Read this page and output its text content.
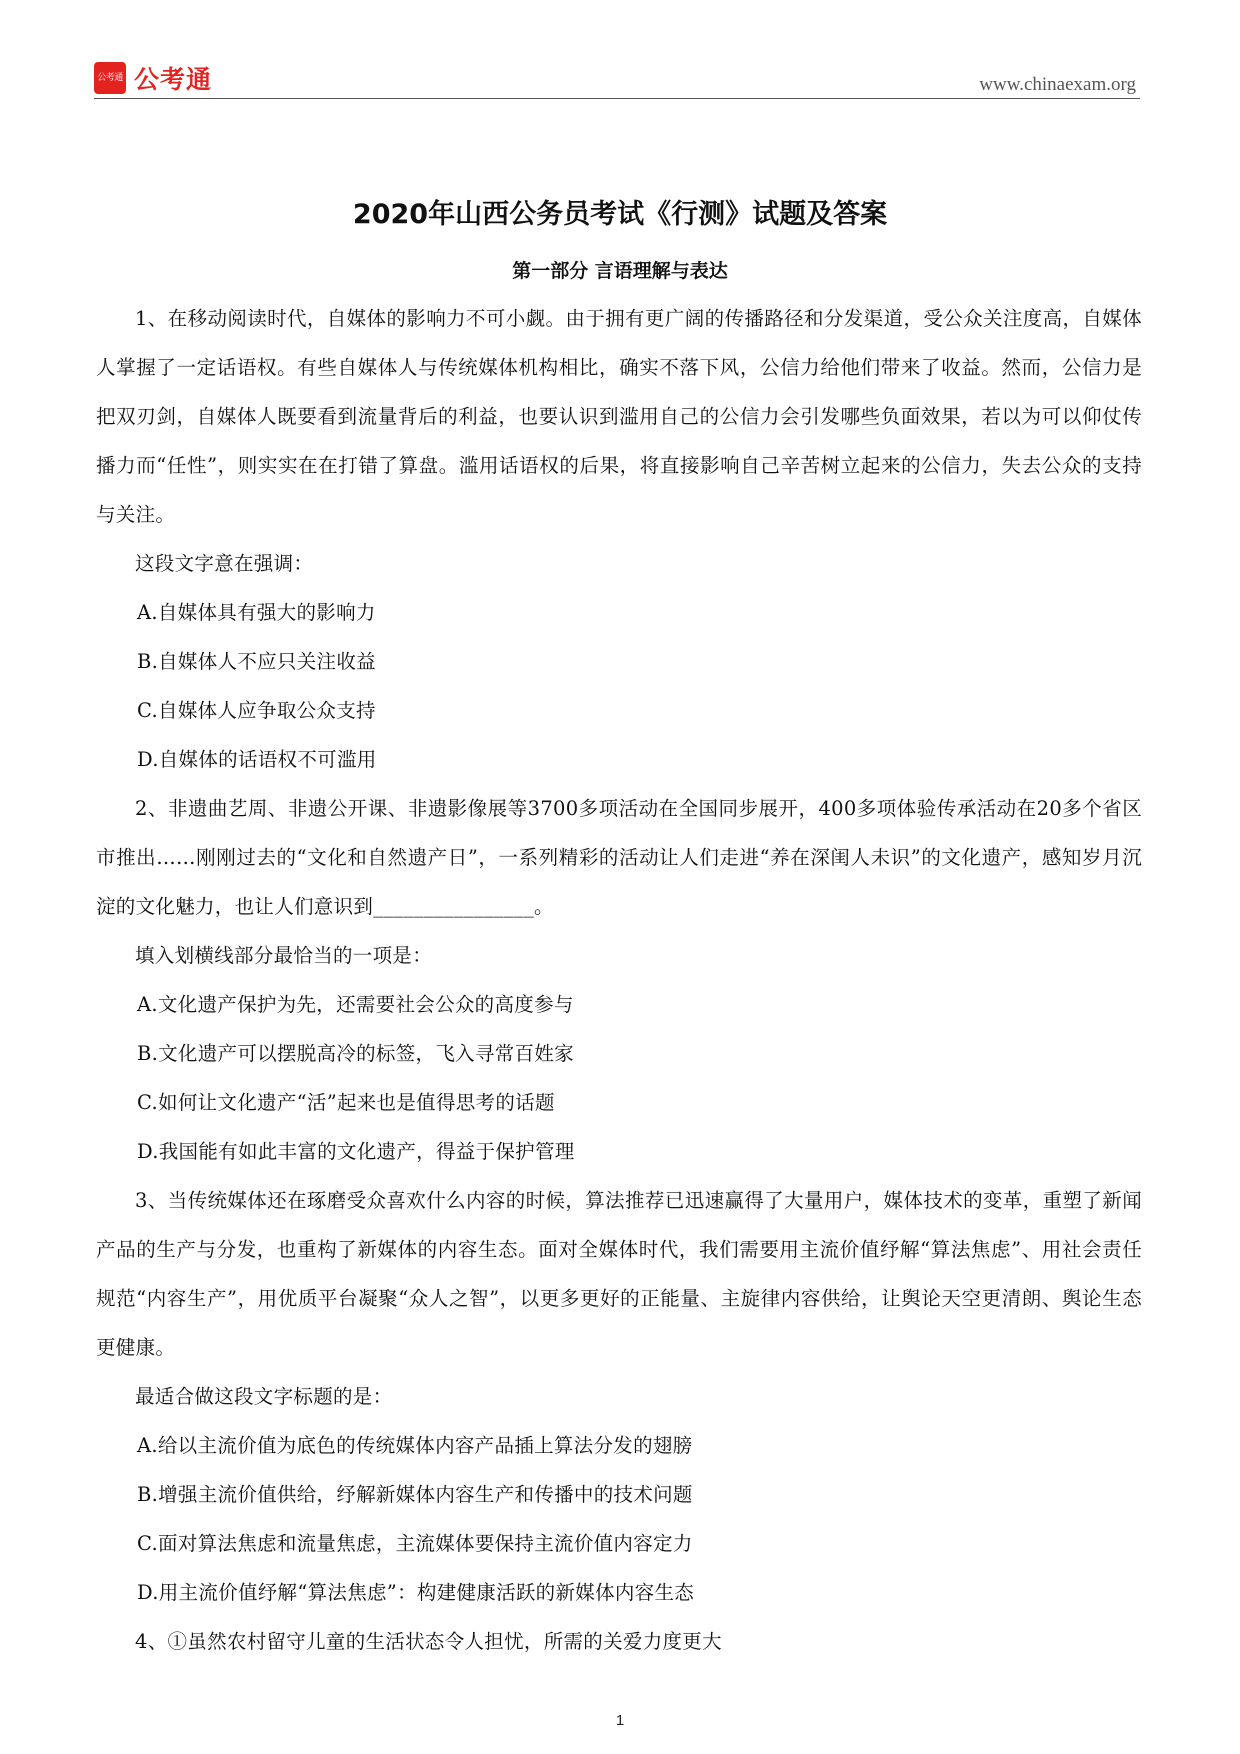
公考通 公考通	www.chinaexam.org
2020年山西公务员考试《行测》试题及答案
第一部分 言语理解与表达

1、在移动阅读时代，自媒体的影响力不可小觑。由于拥有更广阔的传播路径和分发渠道，受公众关注度高，自媒体人掌握了一定话语权。有些自媒体人与传统媒体机构相比，确实不落下风，公信力给他们带来了收益。然而，公信力是把双刃剑，自媒体人既要看到流量背后的利益，也要认识到滥用自己的公信力会引发哪些负面效果，若以为可以仰仗传播力而“任性”，则实实在在打错了算盘。滥用话语权的后果，将直接影响自己辛苦树立起来的公信力，失去公众的支持与关注。

这段文字意在强调：

A.自媒体具有强大的影响力

B.自媒体人不应只关注收益

C.自媒体人应争取公众支持

D.自媒体的话语权不可滥用

2、非遗曲艺周、非遗公开课、非遗影像展等3700多项活动在全国同步展开，400多项体验传承活动在20多个省区市推出……刚刚过去的“文化和自然遗产日”，一系列精彩的活动让人们走进“养在深闺人未识”的文化遗产，感知岁月沉淀的文化魅力，也让人们意识到________________。

填入划横线部分最恰当的一项是：

A.文化遗产保护为先，还需要社会公众的高度参与

B.文化遗产可以摆脱高冷的标签，飞入寻常百姓家

C.如何让文化遗产“活”起来也是值得思考的话题

D.我国能有如此丰富的文化遗产，得益于保护管理

3、当传统媒体还在琢磨受众喜欢什么内容的时候，算法推荐已迅速赢得了大量用户，媒体技术的变革，重塑了新闻产品的生产与分发，也重构了新媒体的内容生态。面对全媒体时代，我们需要用主流价值纾解“算法焦虑”、用社会责任规范“内容生产”，用优质平台凝聚“众人之智”，以更多更好的正能量、主旋律内容供给，让舆论天空更清朗、舆论生态更健康。

最适合做这段文字标题的是：

A.给以主流价值为底色的传统媒体内容产品插上算法分发的翅膀

B.增强主流价值供给，纾解新媒体内容生产和传播中的技术问题

C.面对算法焦虑和流量焦虑，主流媒体要保持主流价值内容定力

D.用主流价值纾解“算法焦虑”：构建健康活跃的新媒体内容生态

4、①虽然农村留守儿童的生活状态令人担忧，所需的关爱力度更大

1
